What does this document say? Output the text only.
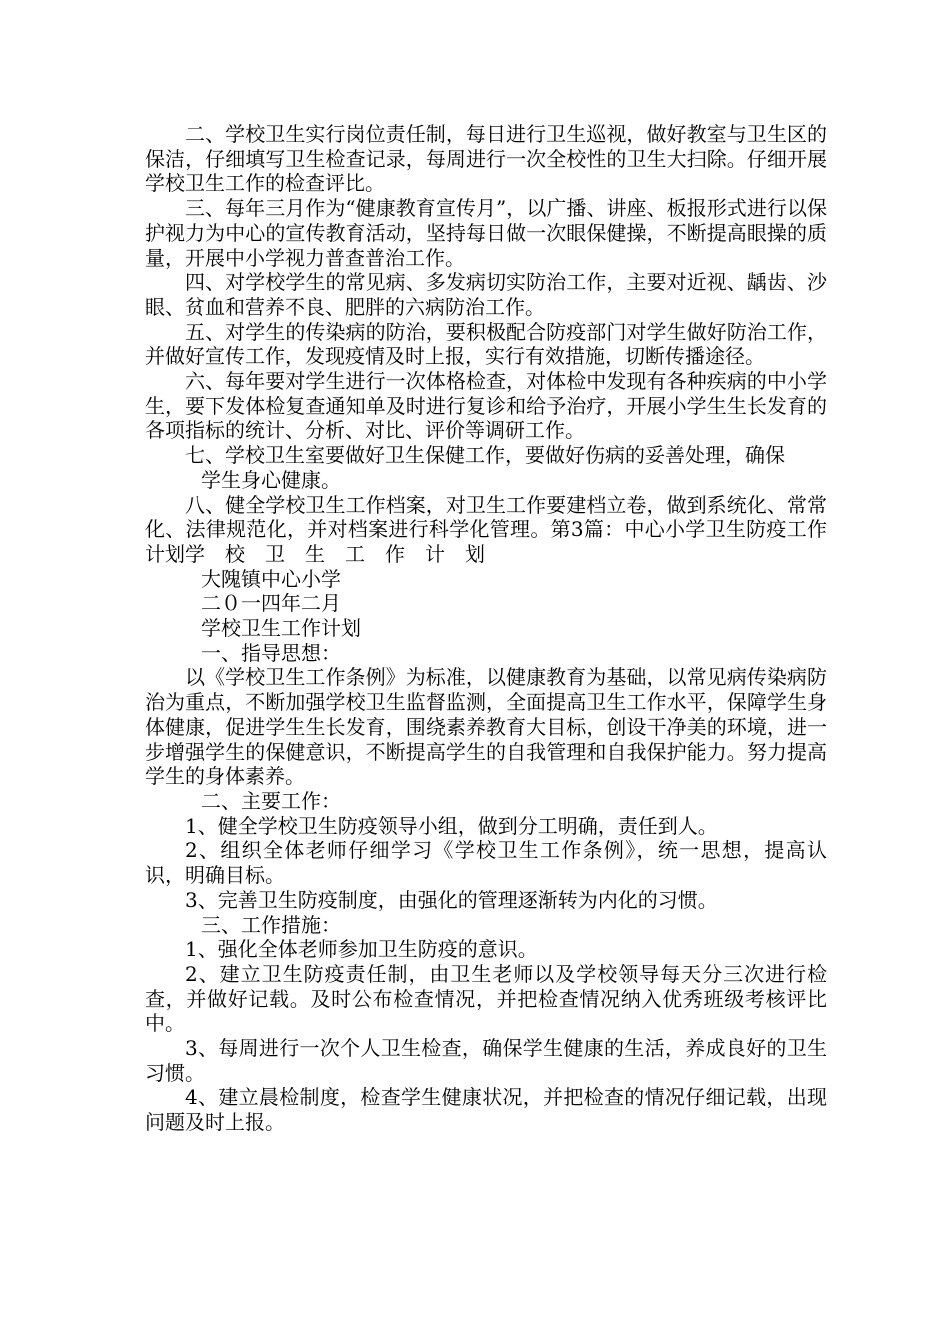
二、学校卫生实行岗位责任制，每日进行卫生巡视，做好教室与卫生区的保洁，仔细填写卫生检查记录，每周进行一次全校性的卫生大扫除。仔细开展学校卫生工作的检查评比。

三、每年三月作为“健康教育宣传月”，以广播、讲座、板报形式进行以保护视力为中心的宣传教育活动，坚持每日做一次眼保健操，不断提高眼操的质量，开展中小学视力普查普治工作。

四、对学校学生的常见病、多发病切实防治工作，主要对近视、龋齿、沙眼、贫血和营养不良、肥胖的六病防治工作。

五、对学生的传染病的防治，要积极配合防疫部门对学生做好防治工作，并做好宣传工作，发现疫情及时上报，实行有效措施，切断传播途径。

六、每年要对学生进行一次体格检查，对体检中发现有各种疾病的中小学生，要下发体检复查通知单及时进行复诊和给予治疗，开展小学生生长发育的各项指标的统计、分析、对比、评价等调研工作。

七、学校卫生室要做好卫生保健工作，要做好伤病的妥善处理，确保

学生身心健康。

八、健全学校卫生工作档案，对卫生工作要建档立卷，做到系统化、常常化、法律规范化，并对档案进行科学化管理。第3篇：中心小学卫生防疫工作计划学　校　卫　生　工　作　计　划

大隗镇中心小学

二０一四年二月

学校卫生工作计划

一、指导思想：

以《学校卫生工作条例》为标准，以健康教育为基础，以常见病传染病防治为重点，不断加强学校卫生监督监测，全面提高卫生工作水平，保障学生身体健康，促进学生生长发育，围绕素养教育大目标，创设干净美的环境，进一步增强学生的保健意识，不断提高学生的自我管理和自我保护能力。努力提高学生的身体素养。

二、主要工作：

1、健全学校卫生防疫领导小组，做到分工明确，责任到人。

2、组织全体老师仔细学习《学校卫生工作条例》，统一思想，提高认识，明确目标。

3、完善卫生防疫制度，由强化的管理逐渐转为内化的习惯。

三、工作措施：

1、强化全体老师参加卫生防疫的意识。

2、建立卫生防疫责任制，由卫生老师以及学校领导每天分三次进行检查，并做好记载。及时公布检查情况，并把检查情况纳入优秀班级考核评比中。

3、每周进行一次个人卫生检查，确保学生健康的生活，养成良好的卫生习惯。

4、建立晨检制度，检查学生健康状况，并把检查的情况仔细记载，出现问题及时上报。
